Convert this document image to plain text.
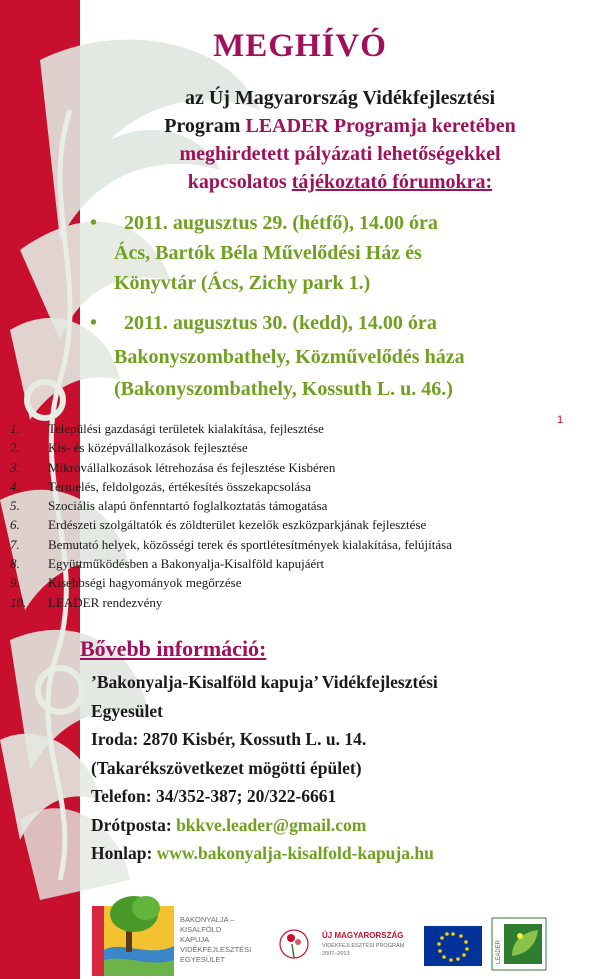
MEGHÍVÓ
az Új Magyarország Vidékfejlesztési
Program LEADER Programja keretében
meghirdetett pályázati lehetőségekkel
kapcsolatos tájékoztató fórumokra:
• 2011. augusztus 29. (hétfő), 14.00 óra
Ács, Bartók Béla Művelődési Ház és
Könyvtár (Ács, Zichy park 1.)
• 2011. augusztus 30. (kedd), 14.00 óra
Bakonyszombathely, Közművelődés háza
(Bakonyszombathely, Kossuth L. u. 46.)
1
1.	Települési gazdasági területek kialakítása, fejlesztése
2.	Kis- és középvállalkozások fejlesztése
3.	Mikrovállalkozások létrehozása és fejlesztése Kisbéren
4.	Termelés, feldolgozás, értékesítés összekapcsolása
5.	Szociális alapú önfenntartó foglalkoztatás támogatása
6.	Erdészeti szolgáltatók és zöldterület kezelők eszközparkjának fejlesztése
7.	Bemutató helyek, közösségi terek és sportlétesítmények kialakítása, felújítása
8.	Együttműködésben a Bakonyalja-Kisalföld kapujáért
9.	Kisebbségi hagyományok megőrzése
10.	LEADER rendezvény
Bővebb információ:
’Bakonyalja-Kisalföld kapuja’ Vidékfejlesztési
Egyesület
Iroda: 2870 Kisbér, Kossuth L. u. 14.
(Takarékszövetkezet mögötti épület)
Telefon: 34/352-387; 20/322-6661
Drótposta: bkkve.leader@gmail.com
Honlap: www.bakonyalja-kisalfold-kapuja.hu
BAKONYALJA –
KISALFÖLD
KAPUJA
VIDÉKFEJLESZTÉSI
EGYESÜLET
ÚJ MAGYARORSZÁG
VIDÉKFEJLESZTÉSI PROGRAM
2007–2013	LEADER
